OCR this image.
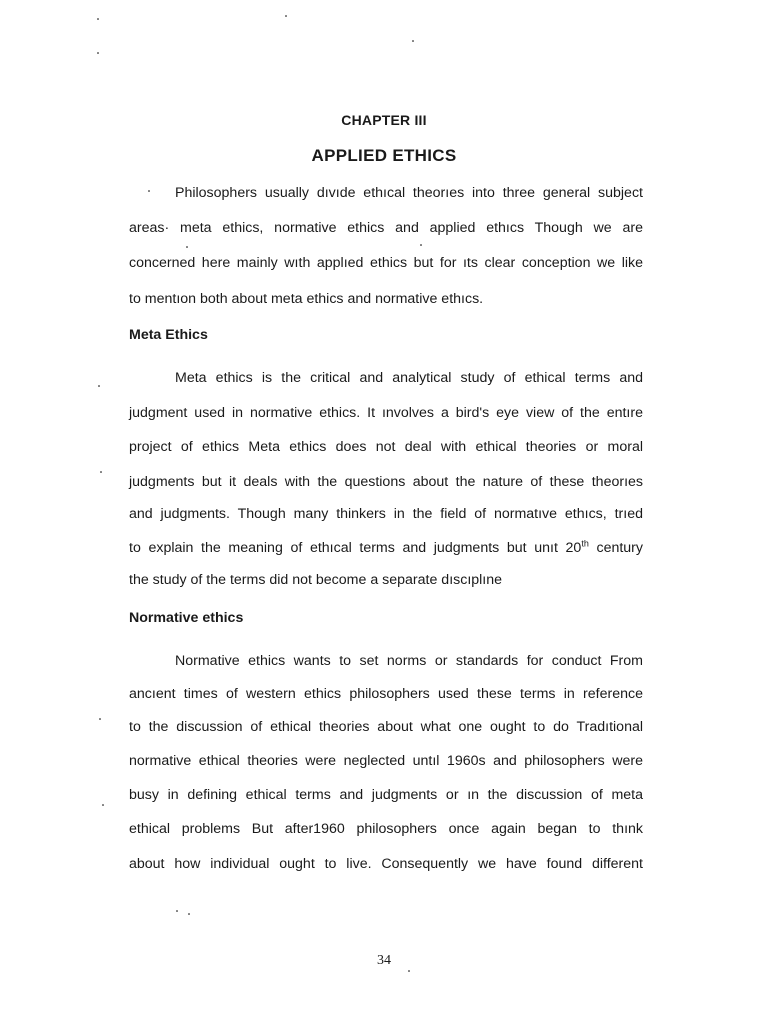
CHAPTER III
APPLIED ETHICS
Philosophers usually dıvıde ethıcal theorıes into three general subject
areas· meta ethics, normative ethics and applied ethıcs Though we are
concerned here mainly wıth applıed ethics but for ıts clear conception we like
to mentıon both about meta ethics and normative ethıcs.
Meta Ethics
Meta ethics is the critical and analytical study of ethical terms and
judgment used in normative ethics. It ınvolves a bird's eye view of the entıre
project of ethics Meta ethics does not deal with ethical theories or moral
judgments but it deals with the questions about the nature of these theorıes
and judgments. Though many thinkers in the field of normatıve ethıcs, trıed
to explain the meaning of ethıcal terms and judgments but unıt 20th century
the study of the terms did not become a separate dıscıplıne
Normative ethics
Normative ethics wants to set norms or standards for conduct From
ancıent times of western ethics philosophers used these terms in reference
to the discussion of ethical theories about what one ought to do Tradıtional
normative ethical theories were neglected untıl 1960s and philosophers were
busy in defining ethical terms and judgments or ın the discussion of meta
ethical problems But after1960 philosophers once again began to thınk
about how individual ought to live. Consequently we have found different
34
